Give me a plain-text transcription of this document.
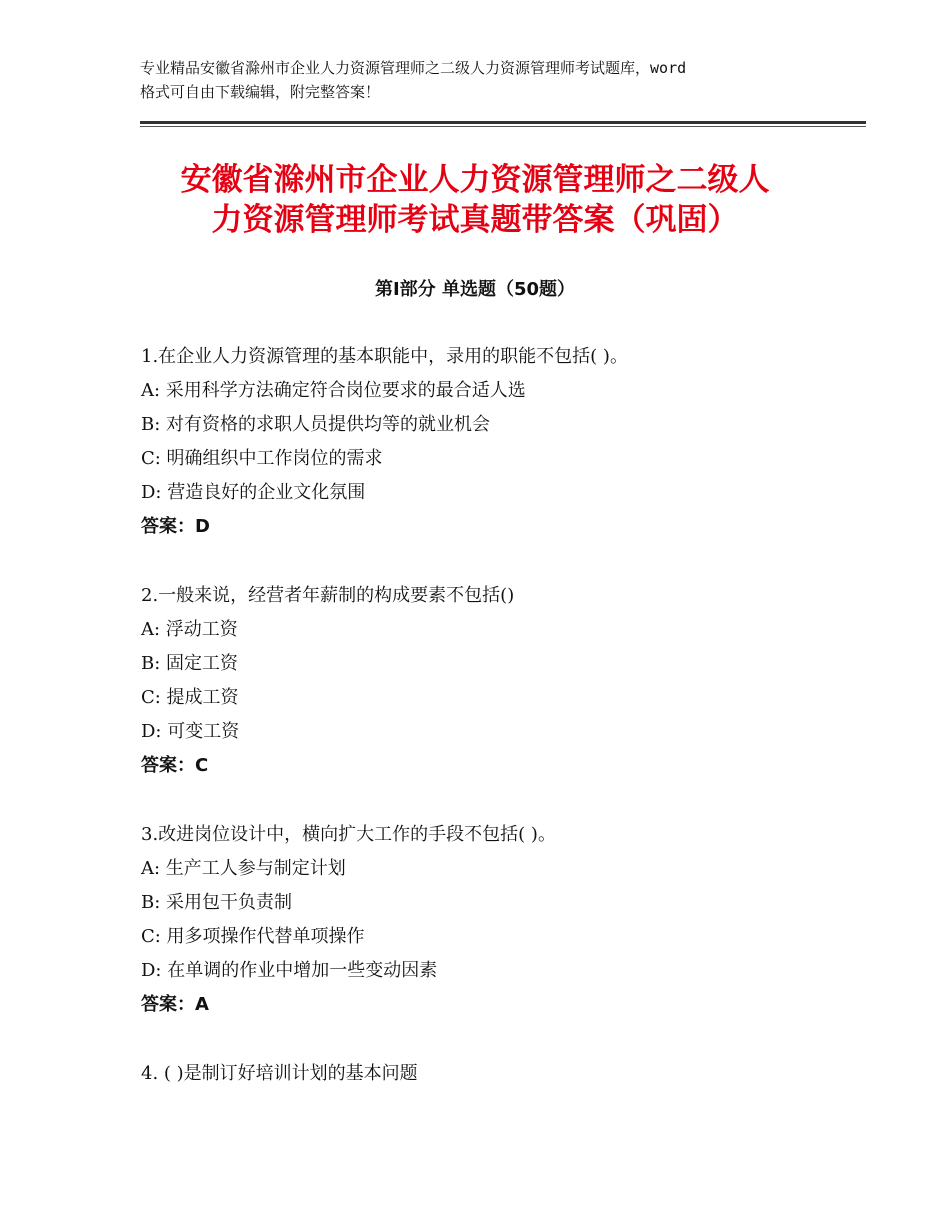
专业精品安徽省滁州市企业人力资源管理师之二级人力资源管理师考试题库，word
格式可自由下载编辑，附完整答案！
安徽省滁州市企业人力资源管理师之二级人
力资源管理师考试真题带答案（巩固）
第Ⅰ部分 单选题（50题）
1.在企业人力资源管理的基本职能中，录用的职能不包括( )。
A: 采用科学方法确定符合岗位要求的最合适人选
B: 对有资格的求职人员提供均等的就业机会
C: 明确组织中工作岗位的需求
D: 营造良好的企业文化氛围
答案：D
2.一般来说，经营者年薪制的构成要素不包括()
A: 浮动工资
B: 固定工资
C: 提成工资
D: 可变工资
答案：C
3.改进岗位设计中，横向扩大工作的手段不包括( )。
A: 生产工人参与制定计划
B: 采用包干负责制
C: 用多项操作代替单项操作
D: 在单调的作业中增加一些变动因素
答案：A
4. ( )是制订好培训计划的基本问题
